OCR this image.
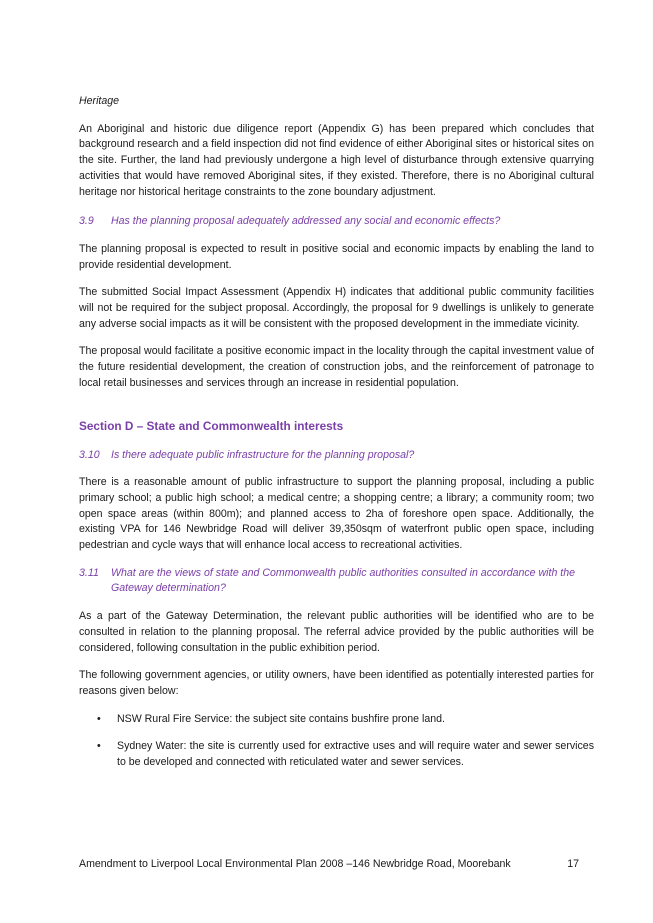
Heritage

An Aboriginal and historic due diligence report (Appendix G) has been prepared which concludes that background research and a field inspection did not find evidence of either Aboriginal sites or historical sites on the site. Further, the land had previously undergone a high level of disturbance through extensive quarrying activities that would have removed Aboriginal sites, if they existed. Therefore, there is no Aboriginal cultural heritage nor historical heritage constraints to the zone boundary adjustment.

3.9	Has the planning proposal adequately addressed any social and economic effects?

The planning proposal is expected to result in positive social and economic impacts by enabling the land to provide residential development.

The submitted Social Impact Assessment (Appendix H) indicates that additional public community facilities will not be required for the subject proposal. Accordingly, the proposal for 9 dwellings is unlikely to generate any adverse social impacts as it will be consistent with the proposed development in the immediate vicinity.

The proposal would facilitate a positive economic impact in the locality through the capital investment value of the future residential development, the creation of construction jobs, and the reinforcement of patronage to local retail businesses and services through an increase in residential population.

Section D – State and Commonwealth interests

3.10	Is there adequate public infrastructure for the planning proposal?

There is a reasonable amount of public infrastructure to support the planning proposal, including a public primary school; a public high school; a medical centre; a shopping centre; a library; a community room; two open space areas (within 800m); and planned access to 2ha of foreshore open space. Additionally, the existing VPA for 146 Newbridge Road will deliver 39,350sqm of waterfront public open space, including pedestrian and cycle ways that will enhance local access to recreational activities.

3.11	What are the views of state and Commonwealth public authorities consulted in accordance with the Gateway determination?

As a part of the Gateway Determination, the relevant public authorities will be identified who are to be consulted in relation to the planning proposal. The referral advice provided by the public authorities will be considered, following consultation in the public exhibition period.

The following government agencies, or utility owners, have been identified as potentially interested parties for reasons given below:

•	NSW Rural Fire Service: the subject site contains bushfire prone land.
•	Sydney Water: the site is currently used for extractive uses and will require water and sewer services to be developed and connected with reticulated water and sewer services.
Amendment to Liverpool Local Environmental Plan 2008 –146 Newbridge Road, Moorebank	17
